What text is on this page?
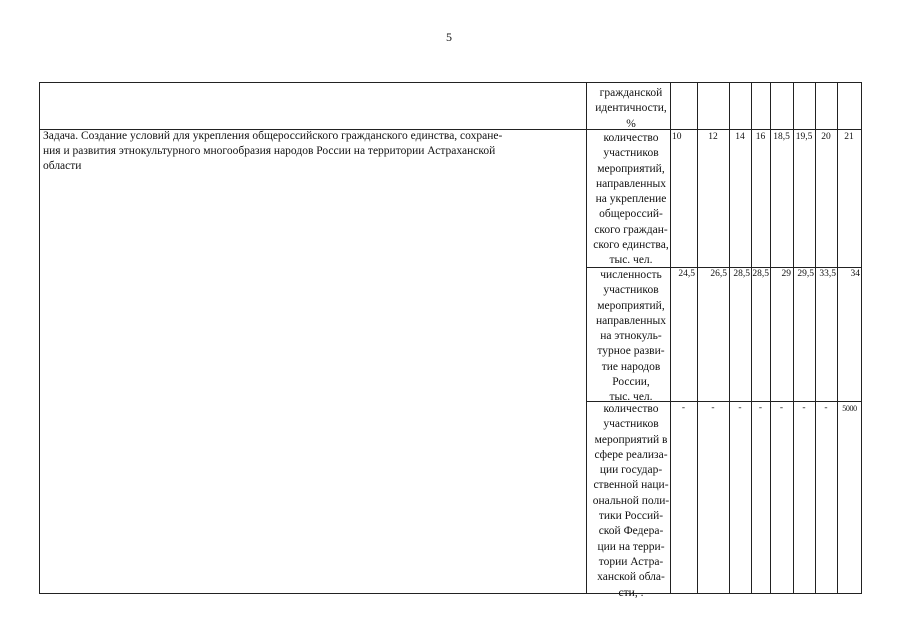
5
гражданской
идентичности,
%
Задача. Создание условий для укрепления общероссийского гражданского единства, сохране-
ния и развития этнокультурного многообразия народов России на территории Астраханской
области
количество
участников
мероприятий,
направленных
на укрепление
общероссий-
ского граждан-
ского единства,
тыс. чел.
10	12	14	16 18,5 19,5 20	21
численность
участников
мероприятий,
направленных
на этнокуль-
турное разви-
тие народов
России,
тыс. чел.
24,5	26,5 28,5 28,5	29 29,5 33,5	34
количество
участников
мероприятий в
сфере реализа-
ции государ-
ственной наци-
ональной поли-
тики Россий-
ской Федера-
ции на терри-
тории Астра-
ханской обла-
сти, .
-	-	-	-	-	-	-	5000
